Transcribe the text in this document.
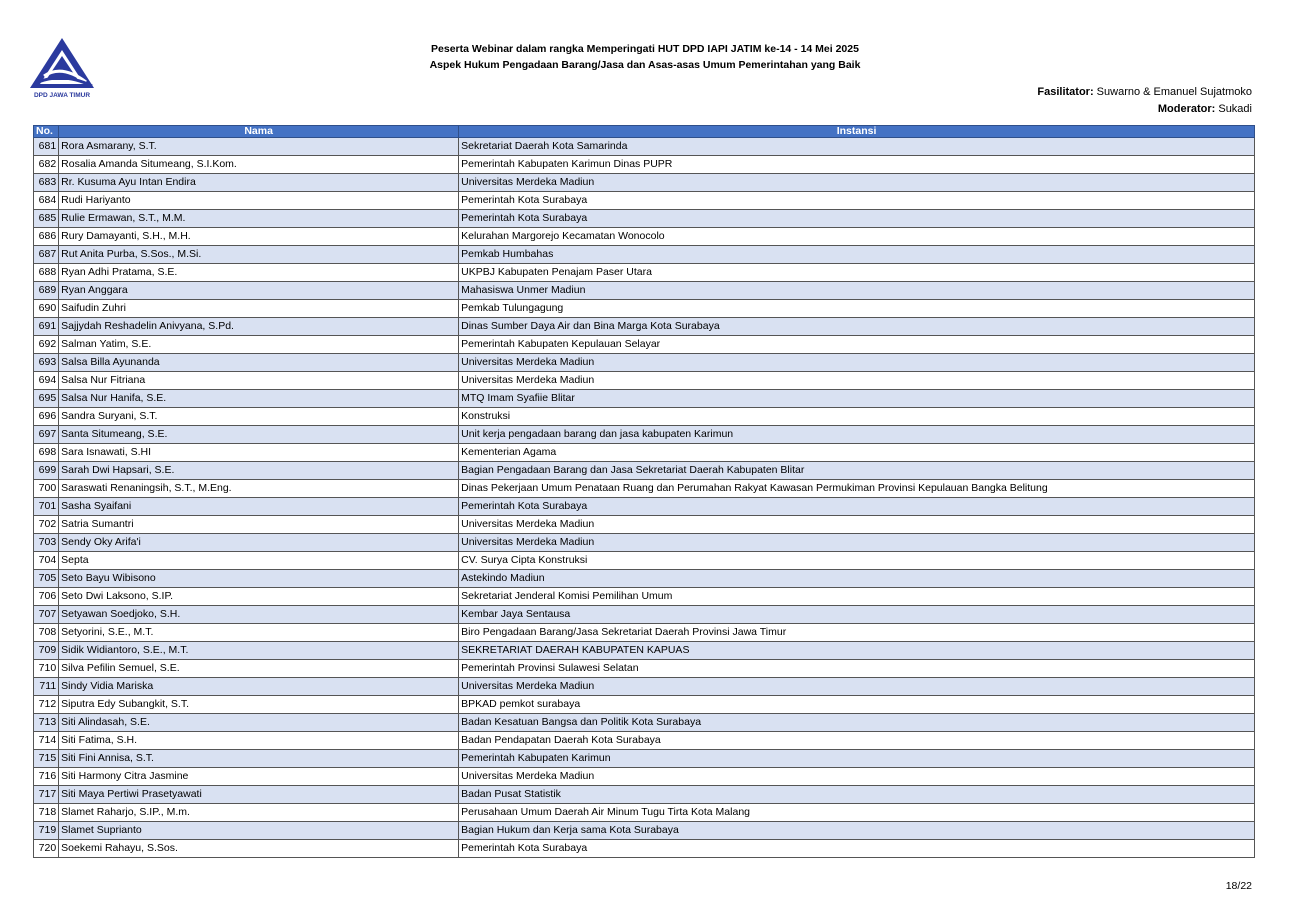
DPD JAWA TIMUR
Peserta Webinar dalam rangka Memperingati HUT DPD IAPI JATIM ke-14 - 14 Mei 2025
Aspek Hukum Pengadaan Barang/Jasa dan Asas-asas Umum Pemerintahan yang Baik
Fasilitator: Suwarno & Emanuel Sujatmoko
Moderator: Sukadi
No.	Nama	Instansi
681	Rora Asmarany, S.T.	Sekretariat Daerah Kota Samarinda
682	Rosalia Amanda Situmeang, S.I.Kom.	Pemerintah Kabupaten Karimun Dinas PUPR
683	Rr. Kusuma Ayu Intan Endira	Universitas Merdeka Madiun
684	Rudi Hariyanto	Pemerintah Kota Surabaya
685	Rulie Ermawan, S.T., M.M.	Pemerintah Kota Surabaya
686	Rury Damayanti, S.H., M.H.	Kelurahan Margorejo Kecamatan Wonocolo
687	Rut Anita Purba, S.Sos., M.Si.	Pemkab Humbahas
688	Ryan Adhi Pratama, S.E.	UKPBJ Kabupaten Penajam Paser Utara
689	Ryan Anggara	Mahasiswa Unmer Madiun
690	Saifudin Zuhri	Pemkab Tulungagung
691	Sajjydah Reshadelin Anivyana, S.Pd.	Dinas Sumber Daya Air dan Bina Marga Kota Surabaya
692	Salman Yatim, S.E.	Pemerintah Kabupaten Kepulauan Selayar
693	Salsa Billa Ayunanda	Universitas Merdeka Madiun
694	Salsa Nur Fitriana	Universitas Merdeka Madiun
695	Salsa Nur Hanifa, S.E.	MTQ Imam Syafiie Blitar
696	Sandra Suryani, S.T.	Konstruksi
697	Santa Situmeang, S.E.	Unit kerja pengadaan barang dan jasa kabupaten Karimun
698	Sara Isnawati, S.HI	Kementerian Agama
699	Sarah Dwi Hapsari, S.E.	Bagian Pengadaan Barang dan Jasa Sekretariat Daerah Kabupaten Blitar
700	Saraswati Renaningsih, S.T., M.Eng.	Dinas Pekerjaan Umum Penataan Ruang dan Perumahan Rakyat Kawasan Permukiman Provinsi Kepulauan Bangka Belitung
701	Sasha Syaifani	Pemerintah Kota Surabaya
702	Satria Sumantri	Universitas Merdeka Madiun
703	Sendy Oky Arifa'i	Universitas Merdeka Madiun
704	Septa	CV. Surya Cipta Konstruksi
705	Seto Bayu Wibisono	Astekindo Madiun
706	Seto Dwi Laksono, S.IP.	Sekretariat Jenderal Komisi Pemilihan Umum
707	Setyawan Soedjoko, S.H.	Kembar Jaya Sentausa
708	Setyorini, S.E., M.T.	Biro Pengadaan Barang/Jasa Sekretariat Daerah Provinsi Jawa Timur
709	Sidik Widiantoro, S.E., M.T.	SEKRETARIAT DAERAH KABUPATEN KAPUAS
710	Silva Pefilin Semuel, S.E.	Pemerintah Provinsi Sulawesi Selatan
711	Sindy Vidia Mariska	Universitas Merdeka Madiun
712	Siputra Edy Subangkit, S.T.	BPKAD pemkot surabaya
713	Siti Alindasah, S.E.	Badan Kesatuan Bangsa dan Politik Kota Surabaya
714	Siti Fatima, S.H.	Badan Pendapatan Daerah Kota Surabaya
715	Siti Fini Annisa, S.T.	Pemerintah Kabupaten Karimun
716	Siti Harmony Citra Jasmine	Universitas Merdeka Madiun
717	Siti Maya Pertiwi Prasetyawati	Badan Pusat Statistik
718	Slamet Raharjo, S.IP., M.m.	Perusahaan Umum Daerah Air Minum Tugu Tirta Kota Malang
719	Slamet Suprianto	Bagian Hukum dan Kerja sama Kota Surabaya
720	Soekemi Rahayu, S.Sos.	Pemerintah Kota Surabaya
18/22
